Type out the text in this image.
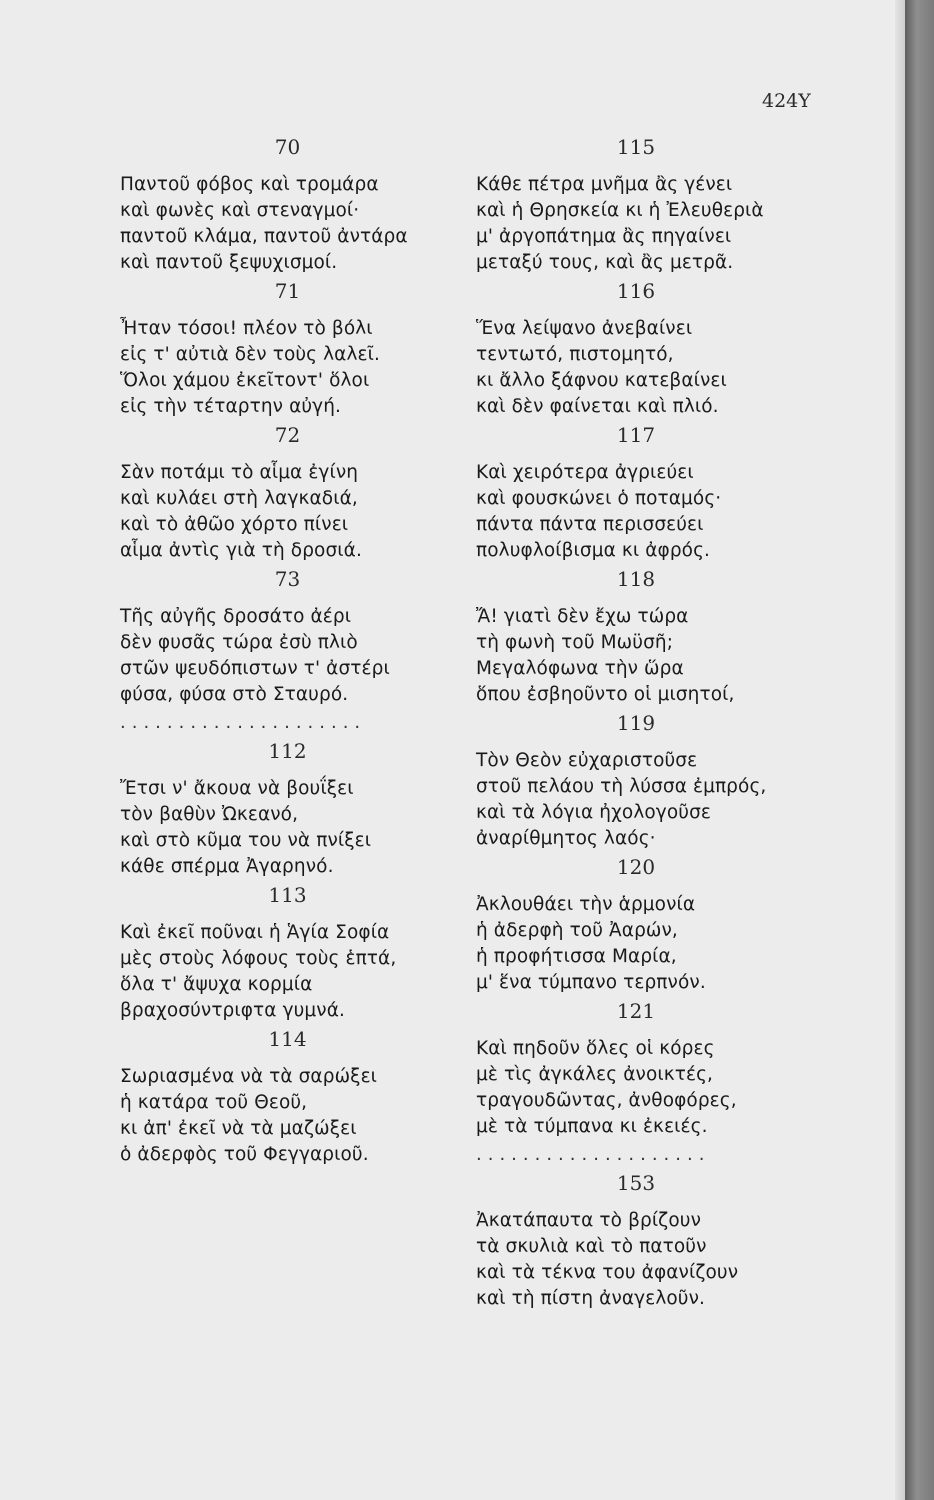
424Y
70
Παντοῦ φόβος καὶ τρομάρα
καὶ φωνὲς καὶ στεναγμοί·
παντοῦ κλάμα, παντοῦ ἀντάρα
καὶ παντοῦ ξεψυχισμοί.
71
Ἦταν τόσοι! πλέον τὸ βόλι
εἰς τ' αὐτιὰ δὲν τοὺς λαλεῖ.
Ὅλοι χάμου ἐκεῖτοντ' ὅλοι
εἰς τὴν τέταρτην αὐγή.
72
Σὰν ποτάμι τὸ αἷμα ἐγίνη
καὶ κυλάει στὴ λαγκαδιά,
καὶ τὸ ἀθῶο χόρτο πίνει
αἷμα ἀντὶς γιὰ τὴ δροσιά.
73
Τῆς αὐγῆς δροσάτο ἀέρι
δὲν φυσᾶς τώρα ἐσὺ πλιὸ
στῶν ψευδόπιστων τ' ἀστέρι
φύσα, φύσα στὸ Σταυρό.
.....................
112
Ἔτσι ν' ἄκουα νὰ βουΐξει
τὸν βαθὺν Ὠκεανό,
καὶ στὸ κῦμα του νὰ πνίξει
κάθε σπέρμα Ἀγαρηνό.
113
Καὶ ἐκεῖ ποῦναι ἡ Ἁγία Σοφία
μὲς στοὺς λόφους τοὺς ἑπτά,
ὅλα τ' ἄψυχα κορμία
βραχοσύντριφτα γυμνά.
114
Σωριασμένα νὰ τὰ σαρώξει
ἡ κατάρα τοῦ Θεοῦ,
κι ἀπ' ἐκεῖ νὰ τὰ μαζώξει
ὁ ἀδερφὸς τοῦ Φεγγαριοῦ.
115
Κάθε πέτρα μνῆμα ἂς γένει
καὶ ἡ Θρησκεία κι ἡ Ἐλευθεριὰ
μ' ἀργοπάτημα ἂς πηγαίνει
μεταξύ τους, καὶ ἂς μετρᾶ.
116
Ἕνα λείψανο ἀνεβαίνει
τεντωτό, πιστομητό,
κι ἄλλο ξάφνου κατεβαίνει
καὶ δὲν φαίνεται καὶ πλιό.
117
Καὶ χειρότερα ἀγριεύει
καὶ φουσκώνει ὁ ποταμός·
πάντα πάντα περισσεύει
πολυφλοίβισμα κι ἀφρός.
118
Ἄ! γιατὶ δὲν ἔχω τώρα
τὴ φωνὴ τοῦ Μωϋσῆ;
Μεγαλόφωνα τὴν ὥρα
ὅπου ἐσβηοῦντο οἱ μισητοί,
119
Τὸν Θεὸν εὐχαριστοῦσε
στοῦ πελάου τὴ λύσσα ἐμπρός,
καὶ τὰ λόγια ἠχολογοῦσε
ἀναρίθμητος λαός·
120
Ἀκλουθάει τὴν ἁρμονία
ἡ ἀδερφὴ τοῦ Ἀαρών,
ἡ προφήτισσα Μαρία,
μ' ἕνα τύμπανο τερπνόν.
121
Καὶ πηδοῦν ὅλες οἱ κόρες
μὲ τὶς ἀγκάλες ἀνοικτές,
τραγουδῶντας, ἀνθοφόρες,
μὲ τὰ τύμπανα κι ἐκειές.
....................
153
Ἀκατάπαυτα τὸ βρίζουν
τὰ σκυλιὰ καὶ τὸ πατοῦν
καὶ τὰ τέκνα του ἀφανίζουν
καὶ τὴ πίστη ἀναγελοῦν.
